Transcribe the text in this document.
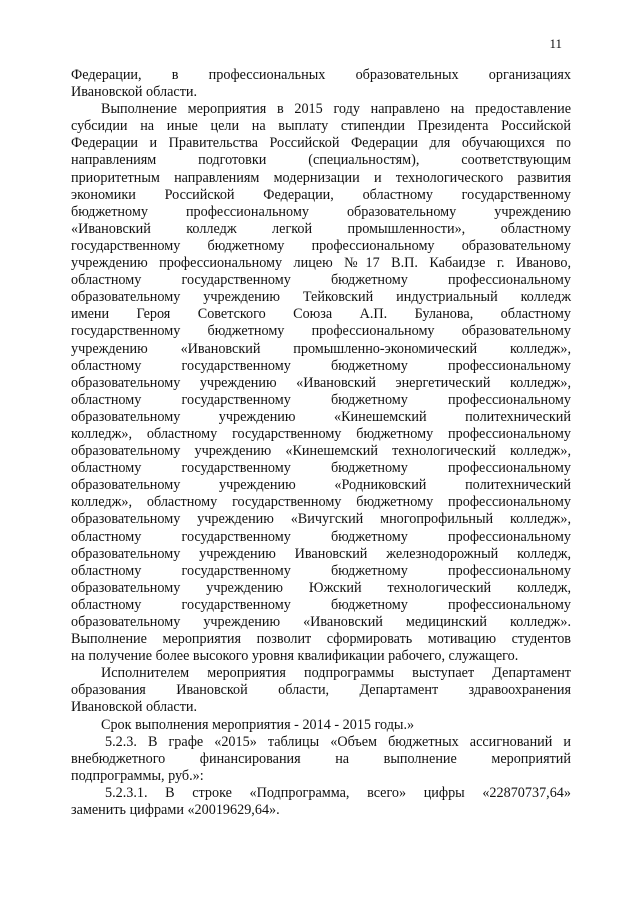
11
Федерации, в профессиональных образовательных организациях
Ивановской области.
Выполнение мероприятия в 2015 году направлено на предоставление
субсидии на иные цели на выплату стипендии Президента Российской
Федерации и Правительства Российской Федерации для обучающихся по
направлениям подготовки (специальностям), соответствующим
приоритетным направлениям модернизации и технологического развития
экономики Российской Федерации, областному государственному
бюджетному профессиональному образовательному учреждению
«Ивановский колледж легкой промышленности», областному
государственному бюджетному профессиональному образовательному
учреждению профессиональному лицею №17 В.П. Кабаидзе г. Иваново,
областному государственному бюджетному профессиональному
образовательному учреждению Тейковский индустриальный колледж
имени Героя Советского Союза А.П. Буланова, областному
государственному бюджетному профессиональному образовательному
учреждению «Ивановский промышленно-экономический колледж»,
областному государственному бюджетному профессиональному
образовательному учреждению «Ивановский энергетический колледж»,
областному государственному бюджетному профессиональному
образовательному учреждению «Кинешемский политехнический
колледж», областному государственному бюджетному профессиональному
образовательному учреждению «Кинешемский технологический колледж»,
областному государственному бюджетному профессиональному
образовательному учреждению «Родниковский политехнический
колледж», областному государственному бюджетному профессиональному
образовательному учреждению «Вичугский многопрофильный колледж»,
областному государственному бюджетному профессиональному
образовательному учреждению Ивановский железнодорожный колледж,
областному государственному бюджетному профессиональному
образовательному учреждению Южский технологический колледж,
областному государственному бюджетному профессиональному
образовательному учреждению «Ивановский медицинский колледж».
Выполнение мероприятия позволит сформировать мотивацию студентов
на получение более высокого уровня квалификации рабочего, служащего.
Исполнителем мероприятия подпрограммы выступает Департамент
образования Ивановской области, Департамент здравоохранения
Ивановской области.
Срок выполнения мероприятия - 2014 - 2015 годы.»
5.2.3. В графе «2015» таблицы «Объем бюджетных ассигнований и
внебюджетного финансирования на выполнение мероприятий
подпрограммы, руб.»:
5.2.3.1. В строке «Подпрограмма, всего» цифры «22870737,64»
заменить цифрами «20019629,64».
